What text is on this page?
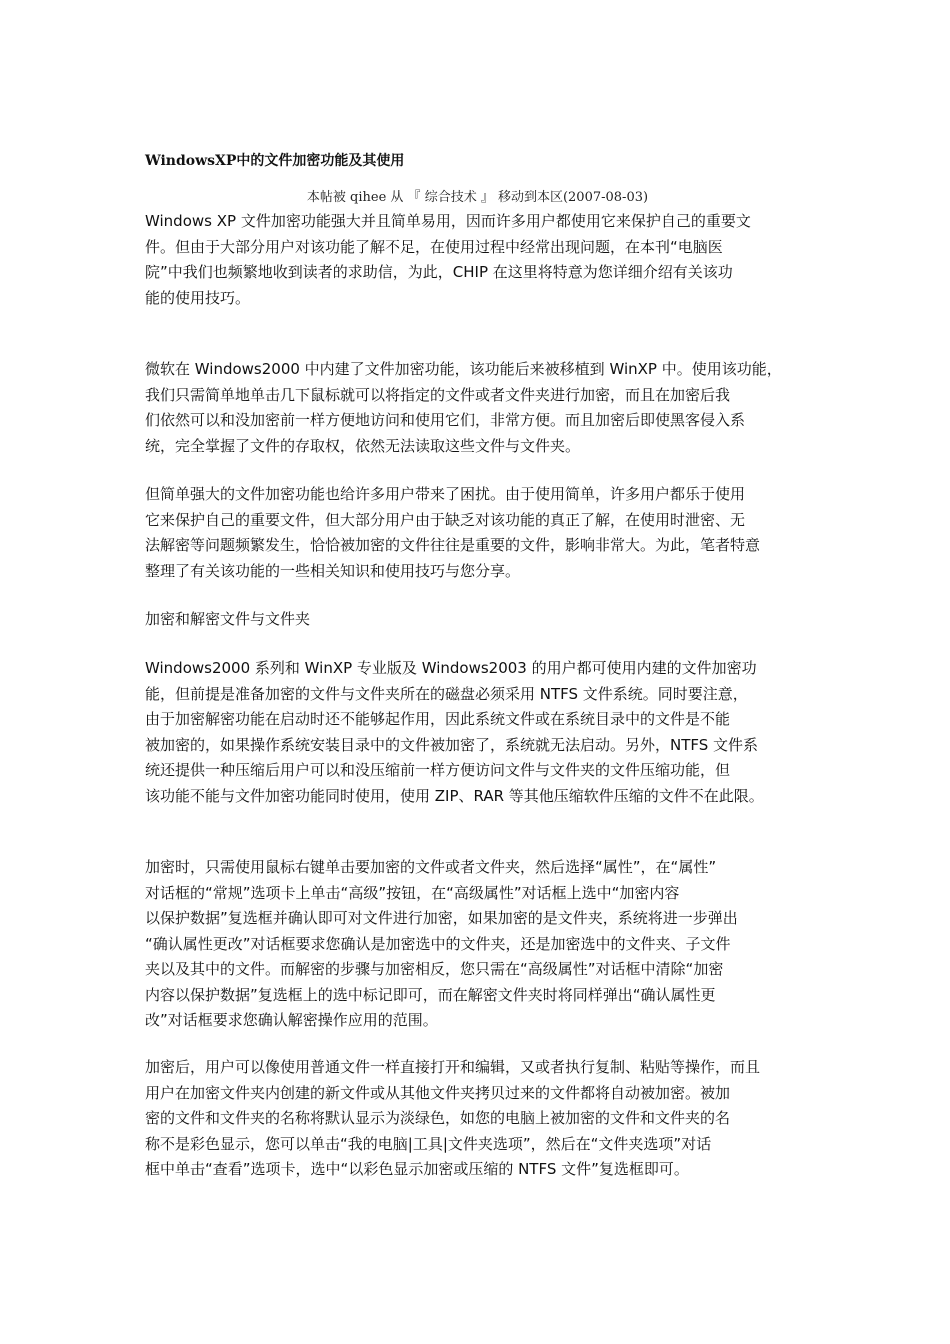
WindowsXP中的文件加密功能及其使用
本帖被 qihee 从 『 综合技术 』 移动到本区(2007-08-03)
Windows XP 文件加密功能强大并且简单易用，因而许多用户都使用它来保护自己的重要文
件。但由于大部分用户对该功能了解不足，在使用过程中经常出现问题，在本刊“电脑医
院”中我们也频繁地收到读者的求助信，为此，CHIP 在这里将特意为您详细介绍有关该功
能的使用技巧。
微软在 Windows2000 中内建了文件加密功能，该功能后来被移植到 WinXP 中。使用该功能，
我们只需简单地单击几下鼠标就可以将指定的文件或者文件夹进行加密，而且在加密后我
们依然可以和没加密前一样方便地访问和使用它们，非常方便。而且加密后即使黑客侵入系
统，完全掌握了文件的存取权，依然无法读取这些文件与文件夹。
但简单强大的文件加密功能也给许多用户带来了困扰。由于使用简单，许多用户都乐于使用
它来保护自己的重要文件，但大部分用户由于缺乏对该功能的真正了解，在使用时泄密、无
法解密等问题频繁发生，恰恰被加密的文件往往是重要的文件，影响非常大。为此，笔者特意
整理了有关该功能的一些相关知识和使用技巧与您分享。
加密和解密文件与文件夹
Windows2000 系列和 WinXP 专业版及 Windows2003 的用户都可使用内建的文件加密功
能，但前提是准备加密的文件与文件夹所在的磁盘必须采用 NTFS 文件系统。同时要注意，
由于加密解密功能在启动时还不能够起作用，因此系统文件或在系统目录中的文件是不能
被加密的，如果操作系统安装目录中的文件被加密了，系统就无法启动。另外，NTFS 文件系
统还提供一种压缩后用户可以和没压缩前一样方便访问文件与文件夹的文件压缩功能，但
该功能不能与文件加密功能同时使用，使用 ZIP、RAR 等其他压缩软件压缩的文件不在此限。
加密时，只需使用鼠标右键单击要加密的文件或者文件夹，然后选择“属性”，在“属性”
对话框的“常规”选项卡上单击“高级”按钮，在“高级属性”对话框上选中“加密内容
以保护数据”复选框并确认即可对文件进行加密，如果加密的是文件夹，系统将进一步弹出
“确认属性更改”对话框要求您确认是加密选中的文件夹，还是加密选中的文件夹、子文件
夹以及其中的文件。而解密的步骤与加密相反，您只需在“高级属性”对话框中清除“加密
内容以保护数据”复选框上的选中标记即可，而在解密文件夹时将同样弹出“确认属性更
改”对话框要求您确认解密操作应用的范围。
加密后，用户可以像使用普通文件一样直接打开和编辑，又或者执行复制、粘贴等操作，而且
用户在加密文件夹内创建的新文件或从其他文件夹拷贝过来的文件都将自动被加密。被加
密的文件和文件夹的名称将默认显示为淡绿色，如您的电脑上被加密的文件和文件夹的名
称不是彩色显示，您可以单击“我的电脑|工具|文件夹选项”，然后在“文件夹选项”对话
框中单击“查看”选项卡，选中“以彩色显示加密或压缩的 NTFS 文件”复选框即可。
